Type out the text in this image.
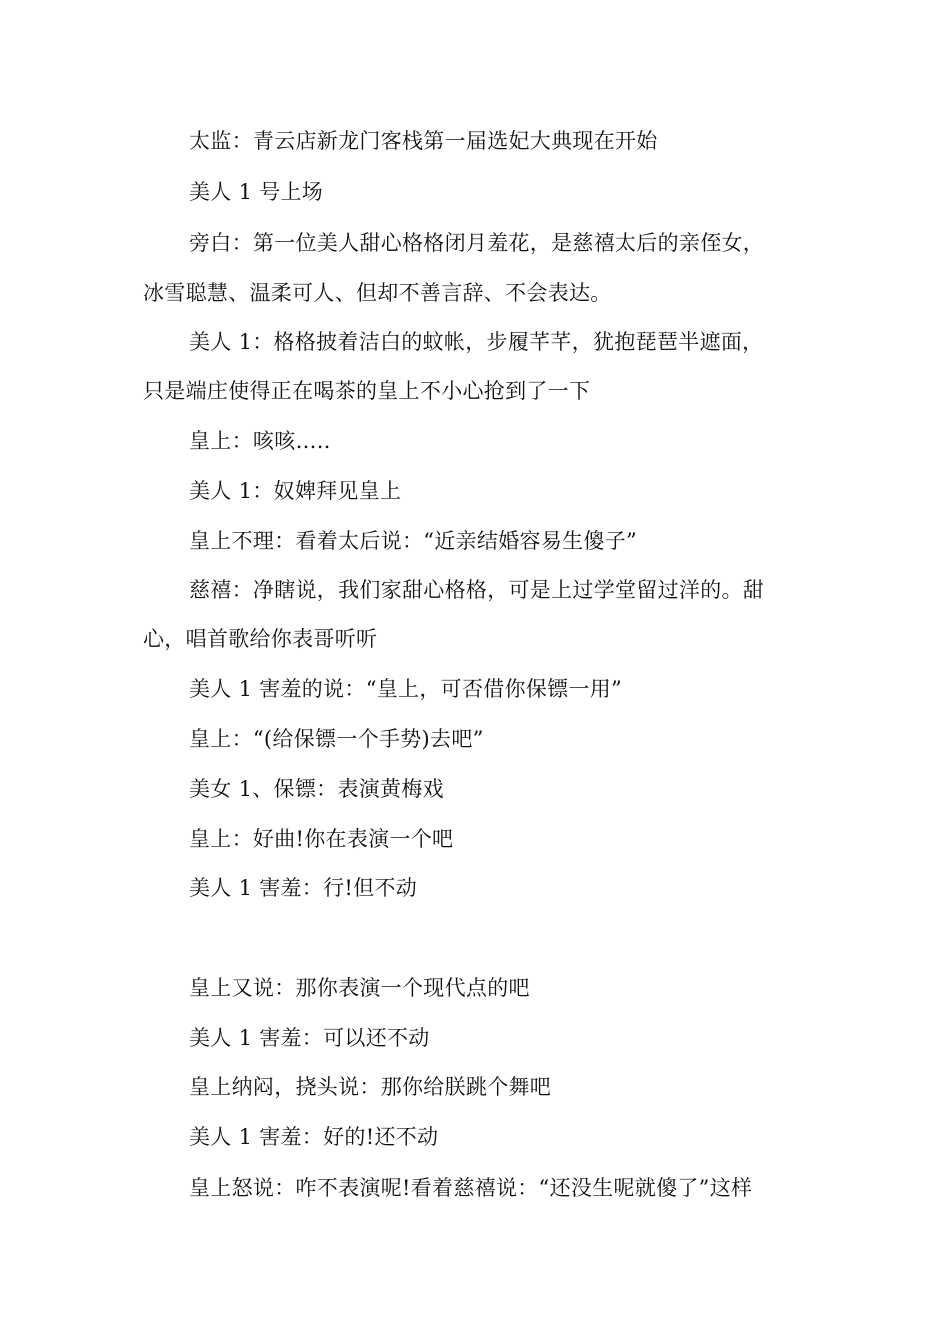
太监：青云店新龙门客栈第一届选妃大典现在开始
美人 1 号上场
旁白：第一位美人甜心格格闭月羞花，是慈禧太后的亲侄女，
冰雪聪慧、温柔可人、但却不善言辞、不会表达。
美人 1：格格披着洁白的蚊帐，步履芊芊，犹抱琵琶半遮面，
只是端庄使得正在喝茶的皇上不小心抢到了一下
皇上：咳咳….．
美人 1：奴婢拜见皇上
皇上不理：看着太后说：“近亲结婚容易生傻子”
慈禧：净瞎说，我们家甜心格格，可是上过学堂留过洋的。甜
心，唱首歌给你表哥听听
美人 1 害羞的说：“皇上，可否借你保镖一用”
皇上：“(给保镖一个手势)去吧”
美女 1、保镖：表演黄梅戏
皇上：好曲!你在表演一个吧
美人 1 害羞：行!但不动
皇上又说：那你表演一个现代点的吧
美人 1 害羞：可以还不动
皇上纳闷，挠头说：那你给朕跳个舞吧
美人 1 害羞：好的!还不动
皇上怒说：咋不表演呢!看着慈禧说：“还没生呢就傻了”这样
